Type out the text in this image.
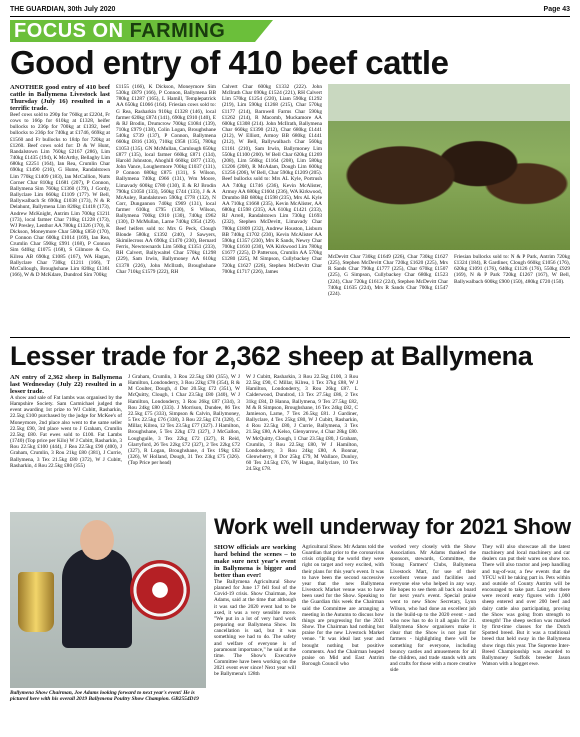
THE GUARDIAN, 30th July 2020	Page 43
FOCUS ON FARMING
Good entry of 410 beef cattle

ANOTHER good entry of 410 beef cattle in Ballymena Livestock last Thursday (July 16) resulted in a terrific trade.

Beef cows sold to 290p for 760kg at £2204, Fr cows to 166p for 610kg at £1328, heifer bullocks to 236p for 700kg at £1392, beef bullocks to 236p for 740kg at £1746, 669kg at £1560 and Fr bullocks to 184p for 720kg at £1260. Beef cows sold for: D & W Hunt, Randalstown Lim 760kg £2167 (286), Lim 740kg £1435 (194), K McArthy, Bellaghy Lim 680kg £2251 (164), Ian Rea, Crumlin Char 690kg £1490 (216), G Hume, Randalstown Lim 770kg £1409 (183), Ian McCallion, Nutts Corner Char 810kg £1681 (207), P Connon, Ballymena Sim 760kg £1360 (179), J Gordy, Ballyclare Lim 660kg £1109 (177). W Bell, Ballywalbach St 690kg £1038 (173), N & R Delahunt, Ballymena Lim 820kg £1418 (173), Andrew McKnight, Antrim Lim 700kg £1211 (173), local farmer Char 710kg £1228 (173), WJ Presley, Lenthor AA 780kg £1326 (170), K Dickson, Moneymore Char 500kg £850 (170), P Connon Char 600kg £1014 (169), Ian Rea, Crumlin Char 590kg £991 (168), P Connon Sim 640kg £1075 (168), S Gilmore & Co, Kilrea AB 690kg £1085 (167), WA Hagan, Ballyclare Char 730kg £1211 (166), T McCullough, Broughshane Lim 820kg £1361 (166), W & D McKdare, Dundrod Sim 700kg

£1155 (166), K Dickson, Moneymore Sim 530kg £879 (166), P Connon, Ballymena BB 780kg £1287 (165), L Hamill, Templepatrick AA 650kg £1066 (164). Friesian cows sold to: G Rea, Rasharkin 910kg £1328 (146), local farmer 620kg £874 (141), 690kg £910 (140), E & RJ Brodin, Drumcrow 700kg £1084 (139), 710kg £979 (138), Colin Logan, Broughshane 540kg £739 (137), P Connon, Ballymena 660kg £816 (136), 710kg £958 (135), 780kg £1053 (135). GN McMullan, Carnlough 650kg £877 (135), local farmer 660kg £871 (134), Harold Johnston, Ahoghill 660kg £877 (133), John Vance, Loughermore 700kg £1037 (131), P Connon 680kg £875 (131), S Wilson, Ballymena 740kg £966 (131), Wm Moore, Limavady 600kg £780 (130), E & RJ Brodin 790kg £1050 (133), 560kg £744 (133), J & A McAuley, Randalstown 590kg £778 (132), N Corr, Dungannon 740kg £969 (131), local farmer 610kg £795 (130), S Wilson, Ballymena 700kg £910 (130), 740kg £962 (130), D McMullan, Larne 740kg £954 (129). Beef heifers sold to: Mrs G Peck, Clough Blonde 580kg £1392 (240), J Sawyers, Skimilecross AA 690kg £1470 (230), Bernard Ferris, Newtownards Lim 560kg £1351 (233), RH Calvert, Ballywaltel Char 570kg £1298 (229), Sam Irwin, Ballymoney AA 610kg £1378 (226), John McIlrath, Broughshane Char 710kg £1579 (222), RH

Calvert Char 600kg £1332 (222). John McIlrath Char 690kg £1524 (221), RH Calvert Lim 570kg £1254 (220), Liam 590kg £1292 (219), Lim 590kg £1268 (215), Char 570kg £1177 (214), Barnwell Farms Char 590kg £1262 (214), R Macomb, Muckamore AA 600kg £1308 (214). John McIlrath, Ballymena Char 660kg £1390 (212), Char 680kg £1441 (212), W Elliott, Armoy BB 680kg £1441 (212), W Bell, Ballywalbach Char 560kg £1161 (210), Sam Irwin, Ballymoney Lim 550kg £1100 (200). W Bell Char 620kg £1269 (208), Lim 560kg £1164 (208), Lim 580kg £1206 (208), R McAdam, Dough Lim 600kg £1256 (206), W Bell, Char 590kg £1209 (205). Beef bullocks sold to: Mrs AL Kyle, Portrush AA 740kg £1746 (236), Kevin McAlister, Armoy AA 680kg £1604 (236), WA Kirkwood, Drumbo BB 680kg £1598 (235), Mrs AL Kyle AA 710kg £1668 (235), Kevin McAlister, AA 680kg £1598 (235), AA 610kg £1421 (233), RJ Arrell, Randalstown Lim 730kg £1693 (232), Stephen McDevitt, Limavady Char 780kg £1809 (232), Andrew Houston, Lisburn BB 740kg £1702 (230), Kevin McAlister AA 590kg £1357 (230), Mrs R Sands, Newry Char 700kg £1610 (230), WA Kirkwood Lim 780kg £1677 (225), D Patterson, Crumlin AA 570kg £1280 (225), M Simpson, Cullybackey Char 720kg £1627 (226), Stephen McDevitt Char 700kg £1717 (226), James

McDevitt Char 730kg £1649 (226), Char 730kg £1627 (225), Stephen McDevitt Char 720kg £1620 (225), Mrs R Sands Char 790kg £1777 (225), Char 670kg £1507 (225), G Simpson, Cullybackey Char 680kg £1523 (224), Char 720kg £1612 (224), Stephen McDevitt Char 740kg £1635 (224), Mrs R Sands Char 700kg £1547 (224).

Friesian bullocks sold to: N & P Park, Antrim 720kg £1324 (184), R Gardiner, Clough 660kg £1056 (176), 620kg £1091 (176), 640kg £1126 (176), 550kg £929 (169), N & P Park 720kg £1267 (167), W Bell, Ballywalbach 600kg £900 (150), 480kg £720 (150).

Lesser trade for 2,362 sheep at Ballymena

AN entry of 2,362 sheep in Ballymena last Wednesday (July 22) resulted in a lesser trade.

A show and sale of Fat lambs was organised by the Hampshire Society. Sam Carmichael judged the event awarding 1st prize to WJ Cubitt, Rasharkin, 22.5kg £100 purchased by the judge for McKee's of Moneymore, 2nd place also went to the same seller 22.5kg £90, 3rd place went to J Graham, Crumlin 22.5kg £80. Fat ewes sold to £100. Fat Lambs (1740) (Top price per Kilo) W J Cubitt, Rasharkin, 3 Rou 22.5kg £100 (444), J Rea 22.5kg £90 (400), J Graham, Crumlin, 3 Rou 21kg £80 (381), J Currie, Ballymena, 3 Tex 21.5kg £80 (372), W J Cubitt, Rasharkin, 4 Rou 22.5kg £80 (355)

J Graham, Crumlin, 3 Rou 22.5kg £80 (355), W J Hamilton, Londonderry, 3 Rou 22kg £78 (354), R & M Coulter, Dough, 4 Dor 20.5kg £72 (351), W McQuitty, Clough, 1 Char 23.5kg £80 (340), W J Hamilton, Londonderry, 3 Rou 26kg £87 (334), 3 Rou 24kg £80 (333). J Morrison, Dundee, 86 Tex 22.5kg £75 (333), Simpson & Calvin, Ballymoney, 5 Tex 22.5kg £76 (338), 3 Rou 22.5kg £74 (328), C Millar, Kilrea, 12 Tex 23.5kg £77 (327). J Hamilton, Broughshane, 5 Tex 22kg £72 (327), J McGallon, Loughguile, 3 Tex 22kg £72 (327), R Reid, Glarryford, 26 Tex 22kg £72 (327), 2 Tex 22kg £72 (327), R Logan, Broughshane, 4 Tex 19kg £62 (326), W Holland, Dough, 31 Tex 23kg £75 (326). (Top Price per head)

W J Cubitt, Rasharkin, 3 Rou 22.5kg £100, 3 Rou 22.5kg £90, C Millar, Kilrea, 1 Tex 37kg £88, W J Hamilton, Londonderry, 3 Rou 26kg £87. L Calderwood, Dundrod, 13 Tex 27.5kg £86, 2 Tex 31kg £84, D Hanna, Ballymena, 9 Tex 27.5kg £82, M & R Simpson, Broughshane, 16 Tex 24kg £82, C Jamieson, Larne, 7 Tex 26.5kg £81. J Gardiner, Ballyclare, 4 Tex 25kg £80, W J Cubitt, Rasharkin, 4 Rou 22.5kg £80, J Currie, Ballymena, 3 Tex 21.5kg £80, A Kelso, Glenyarrow, 4 Char 28kg £80. W McQuitty, Clough, 1 Char 23.5kg £80, J Graham, Crumlin, 3 Rou 22.5kg £80, W J Hamilton, Londonderry, 3 Rou 24kg £80, A Bonnar, Glenwherry, 8 Dor 25kg £79, M Wallace, Dunloy, 60 Tex 24.5kg £76, W Hagan, Ballyclare, 10 Tex 24.5kg £78.

Ballymena Show Chairman, Joe Adams looking forward to next year's event! He is pictured here with his overall 2019 Ballymena Poultry Show Champion. GB2554D19
Work well underway for 2021 Show

SHOW officials are working hard behind the scenes – to make sure next year's event in Ballymena is bigger and better than ever!

The Ballymena Agricultural Show planned for June 17 fell foul of the Covid-19 crisis. Show Chairman, Joe Adams, said at the time that although it was sad the 2020 event had to be axed, it was a very sensible move. "We put in a lot of very hard work preparing our Ballymena Show. Its cancellation is sad, but it was something we had to do. The safety and welfare of everyone is of paramount importance," he said at the time. The Show's Executive Committee have been working on the 2021 event ever since! Next year will be Ballymena's 128th

Agricultural Show. Mr Adams told the Guardian that prior to the coronavirus crisis crippling the world they were right on target and very excited, with their plans for this year's event. It was to have been the second successive year that the new Ballymena Livestock Market venue was to have been used for the Show. Speaking to the Guardian this week the Chairman said the Committee are arranging a meeting in the Autumn to discuss how things are progressing for the 2021 Show. The Chairman had nothing but praise for the new Livestock Market venue. "It was ideal last year and brought nothing but positive comments. And the Chairman heaped praise on Mid and East Antrim Borough Council who

worked very closely with the Show Association. Mr Adams thanked the sponsors, stewards, Committee, the Young Farmers' Clubs, Ballymena Livestock Mart, for use of their excellent venue and facilities and everyone else who helped in any way. He hopes to see them all back on board for next year's event. Special praise went to new Show Secretary, Lynn Wilson, who had done an excellent job in the build-up to the 2020 event - and who now has to do it all again for 21. Ballymena Show organisers make it clear that the Show is not just for farmers - highlighting there will be something for everyone, including bouncy castles and amusements for all the children, and trade stands with arts and crafts for those with a more creative side

They will also showcase all the latest machinery and local machinery and car dealers can put their wares on show too. There will also tractor and jeep handling and tug-of-war, a few events that the YFCU will be taking part in. Pets within and outside of County Antrim will be encouraged to take part. Last year there were record entry figures with 1,000 sheep entered and over 200 beef and dairy cattle also participating, proving the Show was going from strength to strength! The sheep section was marked by first-time classes for the Dutch Spotted breed. But it was a traditional breed that held sway in the Ballymena show rings this year. The Supreme Inter-Breed Championship was awarded to Ballymoney Suffolk breeder Jason Watson with a hogget ewe.
